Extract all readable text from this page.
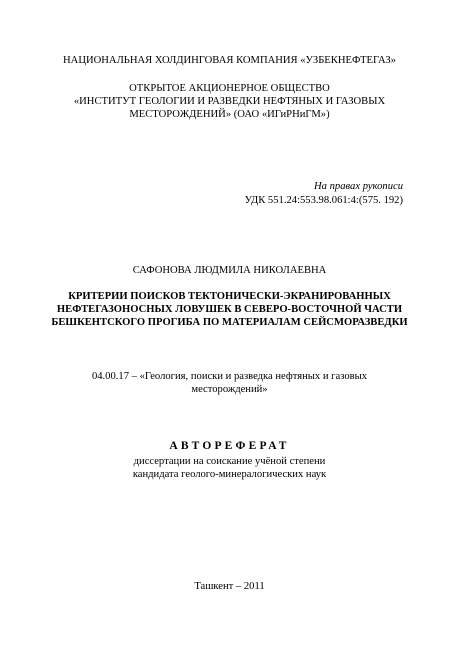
НАЦИОНАЛЬНАЯ ХОЛДИНГОВАЯ КОМПАНИЯ «УЗБЕКНЕФТЕГАЗ»
ОТКРЫТОЕ АКЦИОНЕРНОЕ ОБЩЕСТВО
«ИНСТИТУТ ГЕОЛОГИИ И РАЗВЕДКИ НЕФТЯНЫХ И ГАЗОВЫХ
МЕСТОРОЖДЕНИЙ» (ОАО «ИГиРНиГМ»)
На правах рукописи
УДК 551.24:553.98.061:4:(575. 192)
САФОНОВА ЛЮДМИЛА НИКОЛАЕВНА
КРИТЕРИИ ПОИСКОВ ТЕКТОНИЧЕСКИ-ЭКРАНИРОВАННЫХ
НЕФТЕГАЗОНОСНЫХ ЛОВУШЕК В СЕВЕРО-ВОСТОЧНОЙ ЧАСТИ
БЕШКЕНТСКОГО ПРОГИБА ПО МАТЕРИАЛАМ СЕЙСМОРАЗВЕДКИ
04.00.17 – «Геология, поиски и разведка нефтяных и газовых
месторождений»
АВТОРЕФЕРАТ
диссертации на соискание учёной степени
кандидата геолого-минералогических наук
Ташкент – 2011
